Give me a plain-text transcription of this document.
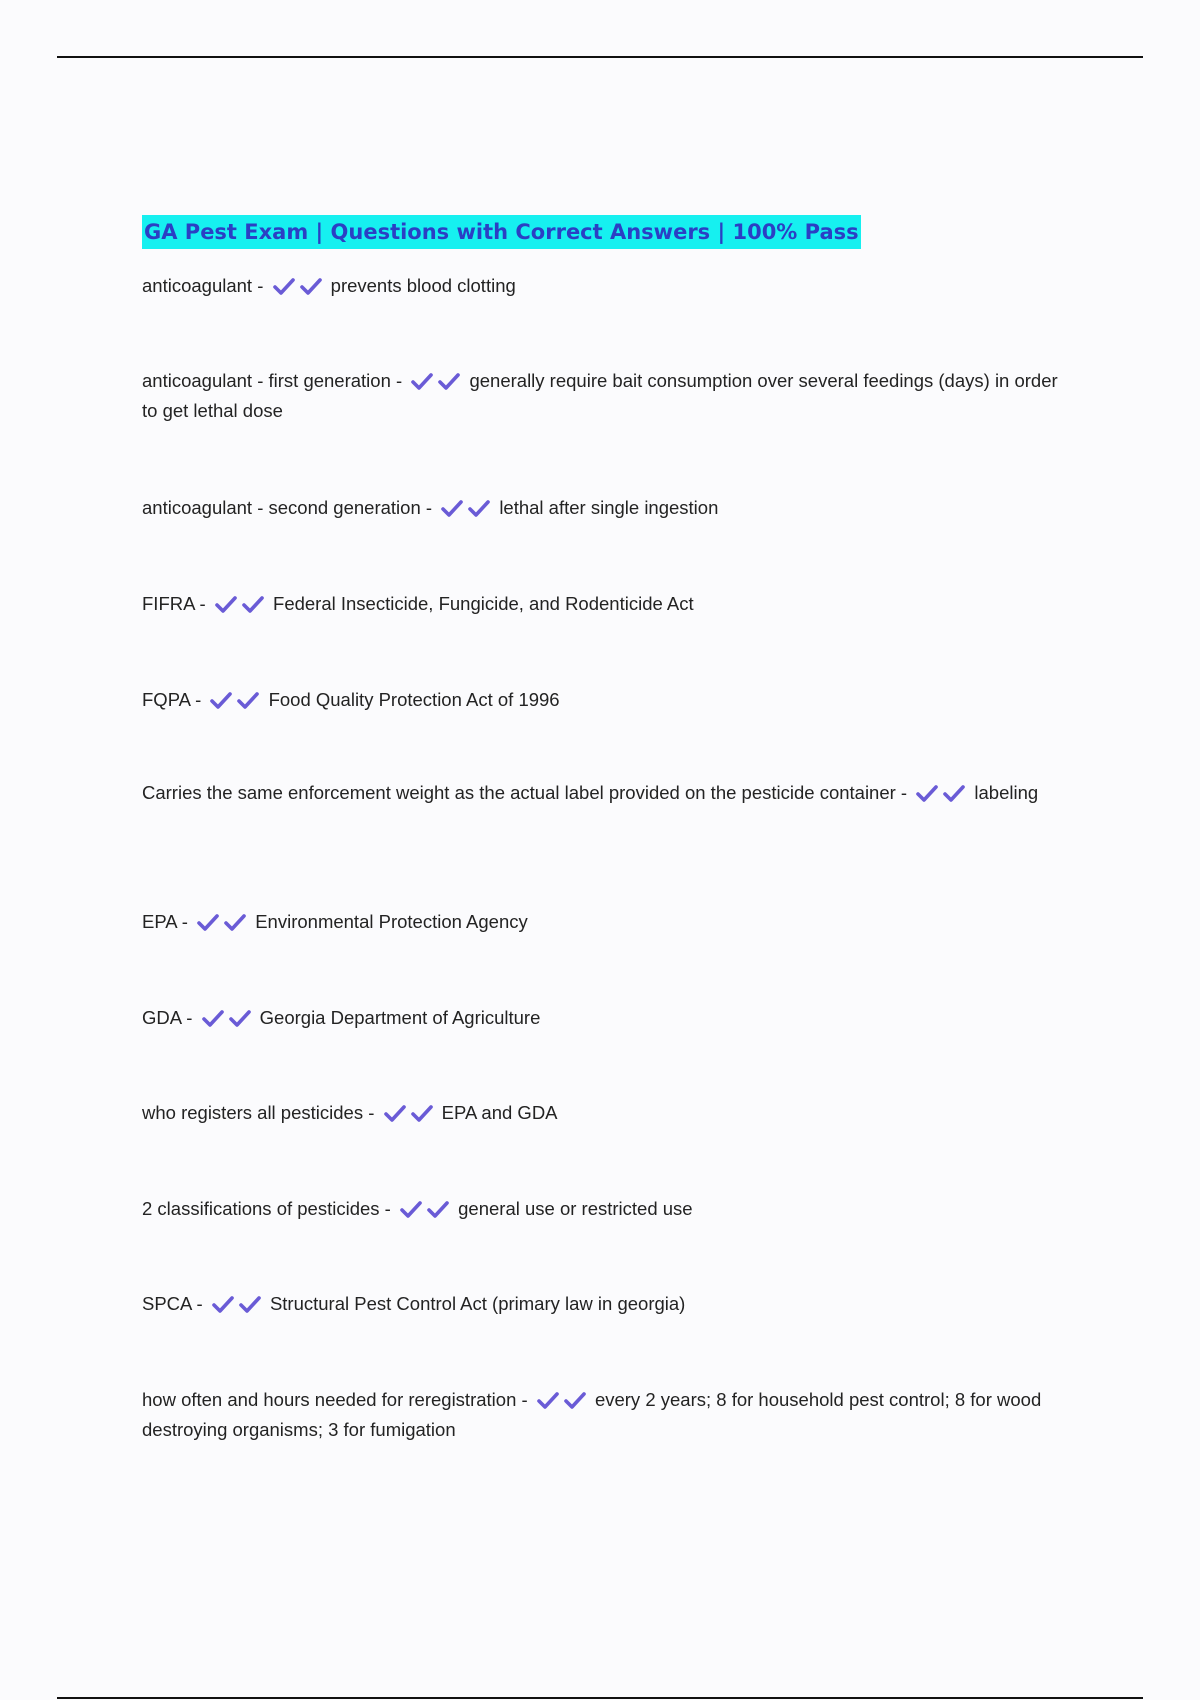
GA Pest Exam | Questions with Correct Answers | 100% Pass
anticoagulant -	prevents blood clotting
anticoagulant - first generation -	generally require bait consumption over several feedings (days) in order to get lethal dose
anticoagulant - second generation -	lethal after single ingestion
FIFRA -	Federal Insecticide, Fungicide, and Rodenticide Act
FQPA -	Food Quality Protection Act of 1996
Carries the same enforcement weight as the actual label provided on the pesticide container -	labeling
EPA -	Environmental Protection Agency
GDA -	Georgia Department of Agriculture
who registers all pesticides -	EPA and GDA
2 classifications of pesticides -	general use or restricted use
SPCA -	Structural Pest Control Act (primary law in georgia)
how often and hours needed for reregistration -	every 2 years; 8 for household pest control; 8 for wood destroying organisms; 3 for fumigation
